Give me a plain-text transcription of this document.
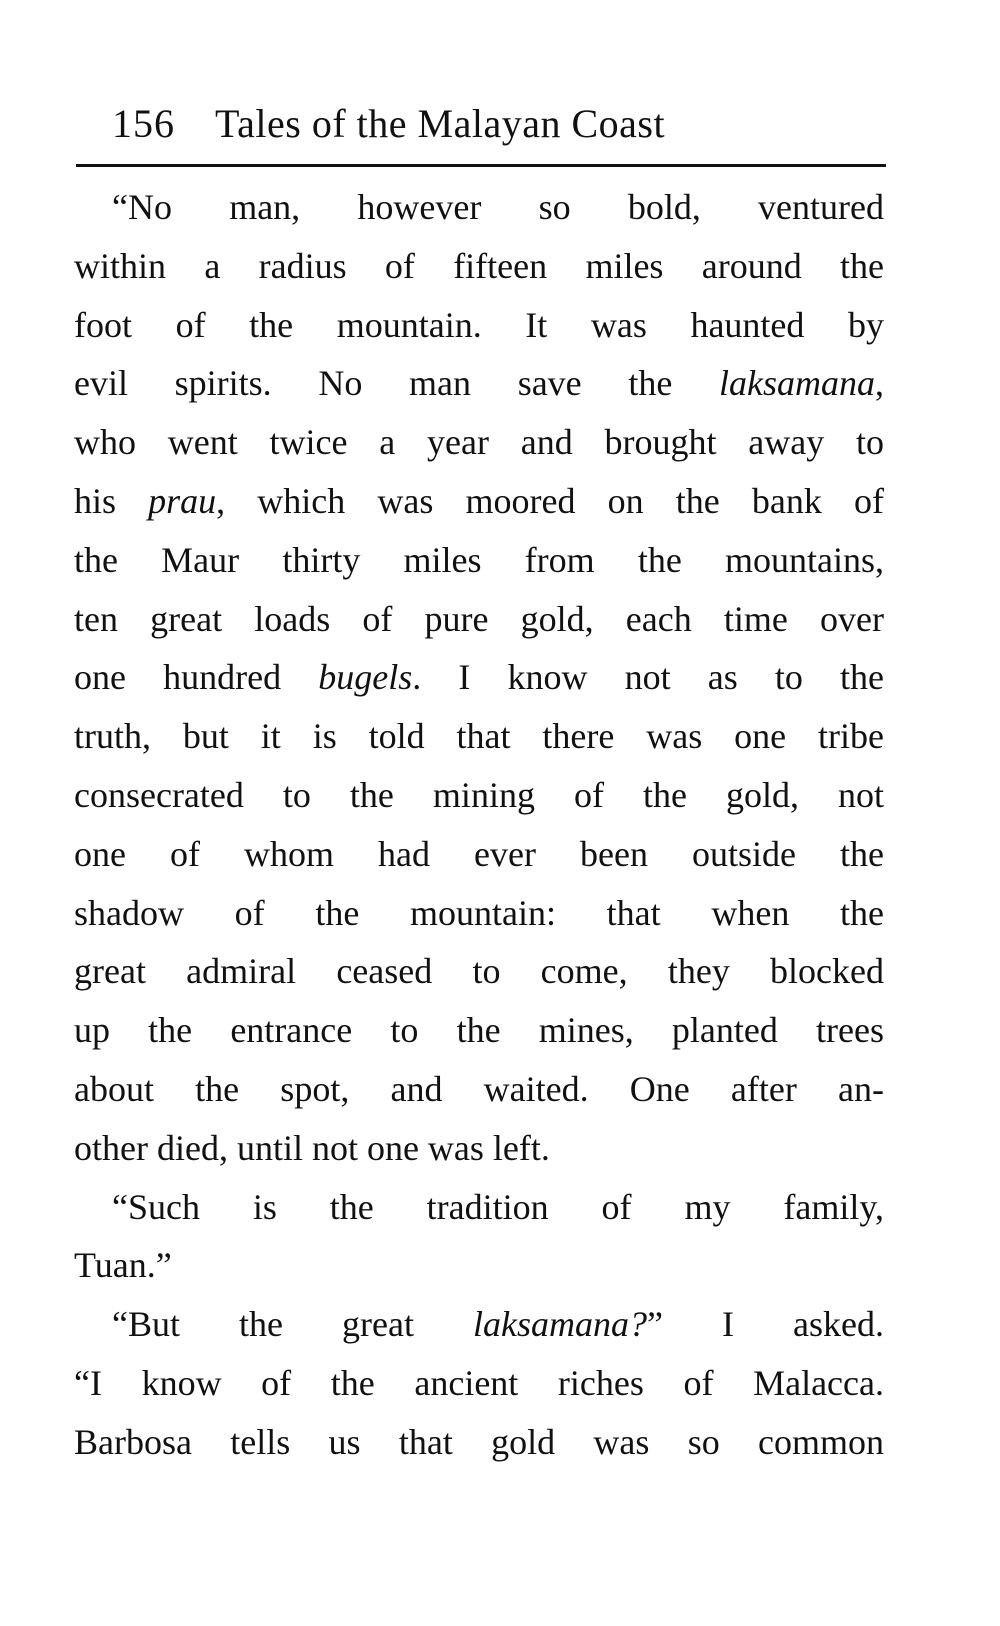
156 Tales of the Malayan Coast
“No man, however so bold, ventured
within a radius of fifteen miles around the
foot of the mountain. It was haunted by
evil spirits. No man save the laksamana,
who went twice a year and brought away to
his prau, which was moored on the bank of
the Maur thirty miles from the mountains,
ten great loads of pure gold, each time over
one hundred bugels. I know not as to the
truth, but it is told that there was one tribe
consecrated to the mining of the gold, not
one of whom had ever been outside the
shadow of the mountain: that when the
great admiral ceased to come, they blocked
up the entrance to the mines, planted trees
about the spot, and waited. One after an-
other died, until not one was left.
“Such is the tradition of my family,
Tuan.”
“But the great laksamana?” I asked.
“I know of the ancient riches of Malacca.
Barbosa tells us that gold was so common
